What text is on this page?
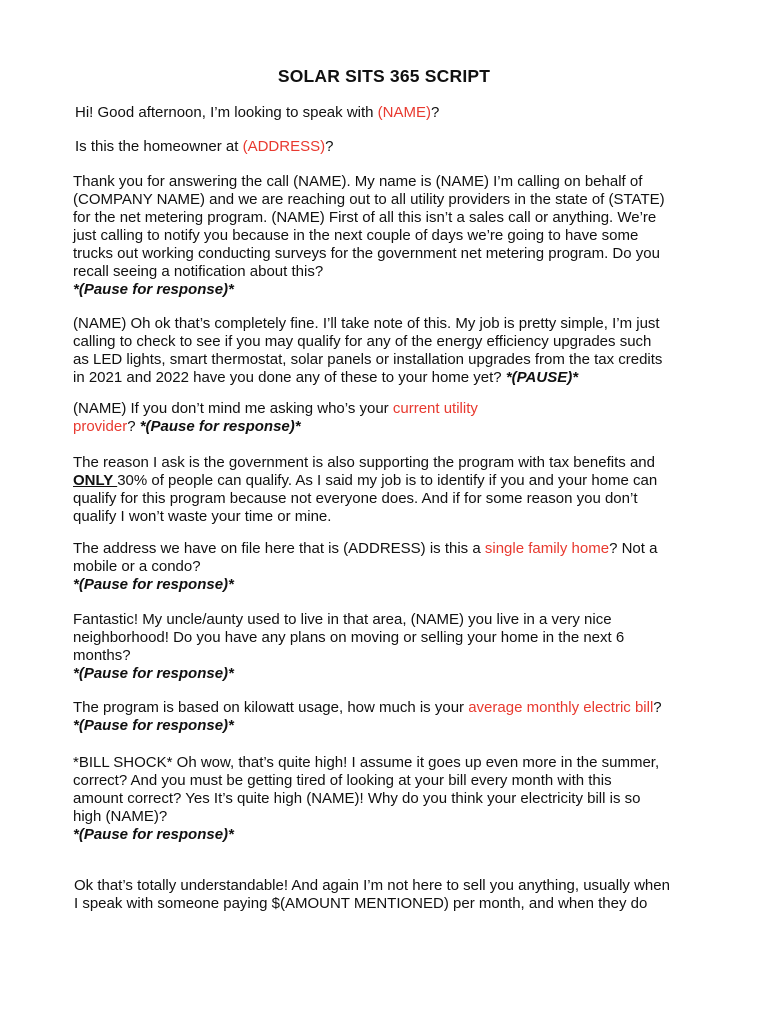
SOLAR SITS 365 SCRIPT

Hi! Good afternoon, I’m looking to speak with (NAME)?

Is this the homeowner at (ADDRESS)?

Thank you for answering the call (NAME). My name is (NAME) I’m calling on behalf of
(COMPANY NAME) and we are reaching out to all utility providers in the state of (STATE)
for the net metering program. (NAME) First of all this isn’t a sales call or anything. We’re
just calling to notify you because in the next couple of days we’re going to have some
trucks out working conducting surveys for the government net metering program. Do you
recall seeing a notification about this?
*(Pause for response)*

(NAME) Oh ok that’s completely fine. I’ll take note of this. My job is pretty simple, I’m just
calling to check to see if you may qualify for any of the energy efficiency upgrades such
as LED lights, smart thermostat, solar panels or installation upgrades from the tax credits
in 2021 and 2022 have you done any of these to your home yet? *(PAUSE)*

(NAME) If you don’t mind me asking who’s your current utility
provider? *(Pause for response)*

The reason I ask is the government is also supporting the program with tax benefits and
ONLY 30% of people can qualify. As I said my job is to identify if you and your home can
qualify for this program because not everyone does. And if for some reason you don’t
qualify I won’t waste your time or mine.

The address we have on file here that is (ADDRESS) is this a single family home? Not a
mobile or a condo?
*(Pause for response)*

Fantastic! My uncle/aunty used to live in that area, (NAME) you live in a very nice
neighborhood! Do you have any plans on moving or selling your home in the next 6
months?
*(Pause for response)*

The program is based on kilowatt usage, how much is your average monthly electric bill?
*(Pause for response)*

*BILL SHOCK* Oh wow, that’s quite high! I assume it goes up even more in the summer,
correct? And you must be getting tired of looking at your bill every month with this
amount correct? Yes It’s quite high (NAME)! Why do you think your electricity bill is so
high (NAME)?
*(Pause for response)*

Ok that’s totally understandable! And again I’m not here to sell you anything, usually when
I speak with someone paying $(AMOUNT MENTIONED) per month, and when they do
